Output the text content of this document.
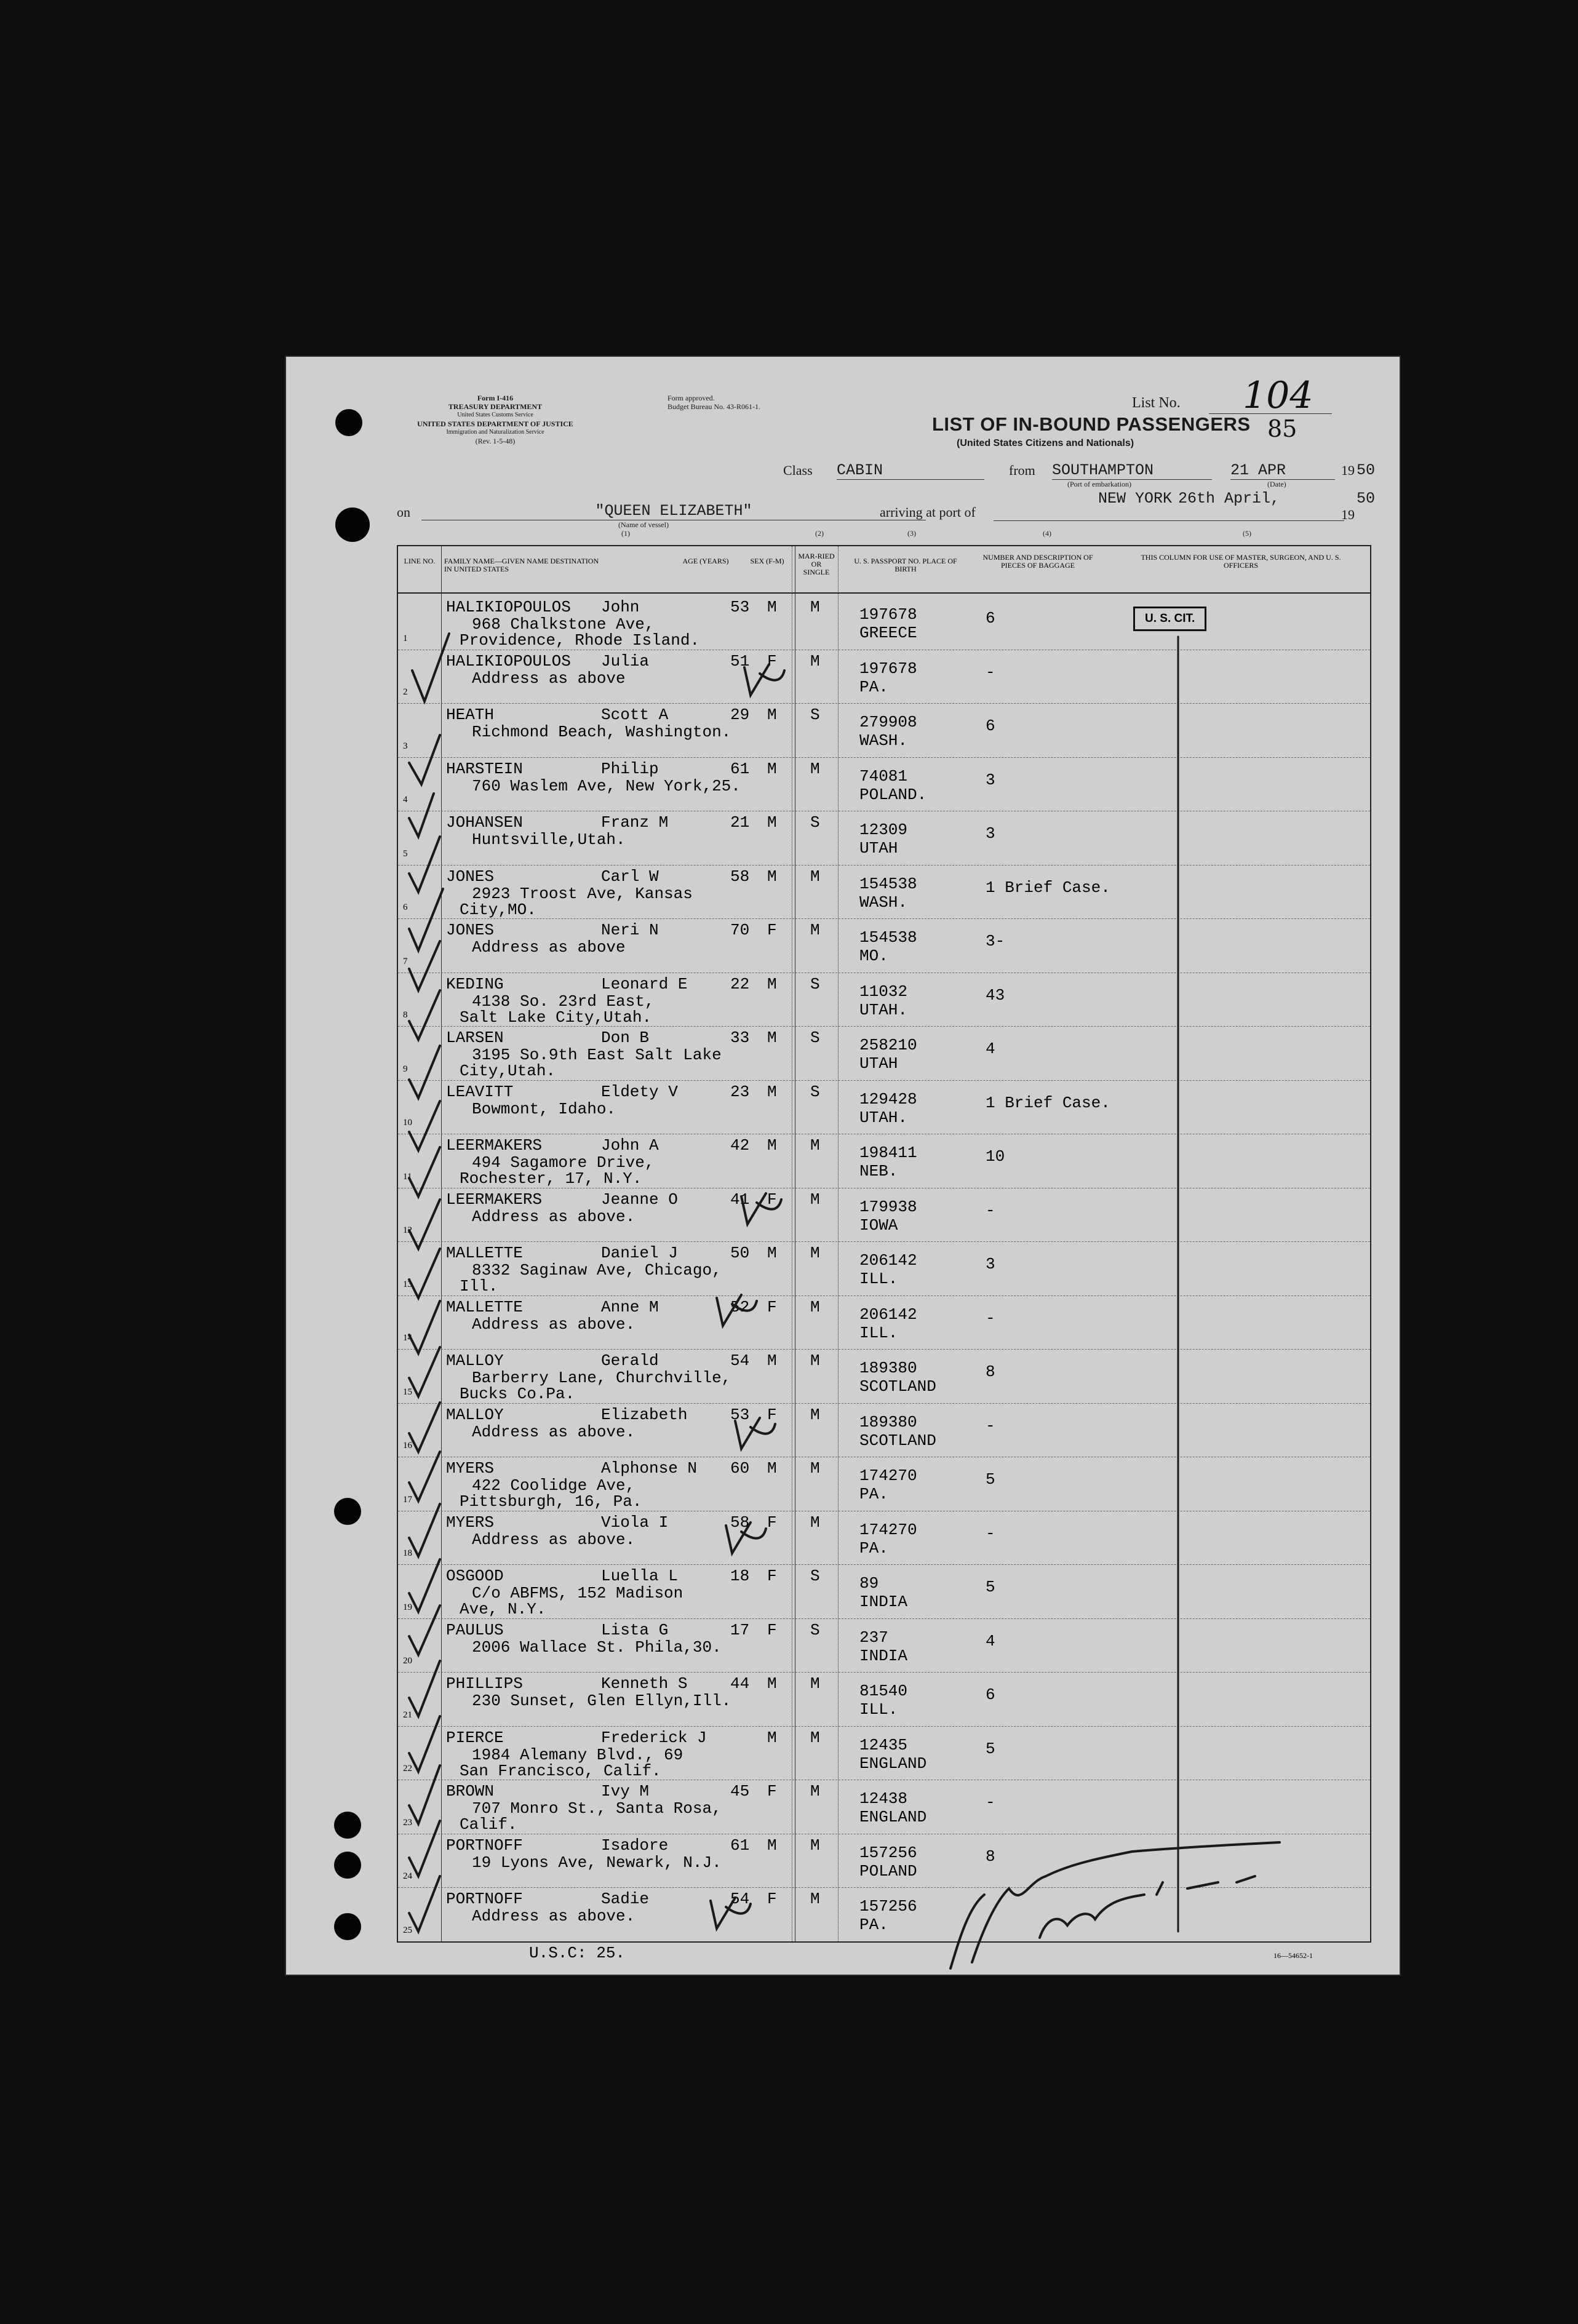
Form I-416
TREASURY DEPARTMENT
United States Customs Service
UNITED STATES DEPARTMENT OF JUSTICE
Immigration and Naturalization Service
(Rev. 1-5-48)
Form approved.
Budget Bureau No. 43-R061-1.	List No. 104
85
LIST OF IN-BOUND PASSENGERS
(United States Citizens and Nationals)
Class CABIN	from SOUTHAMPTON
(Port of embarkation)
21 APR
(Date)
19 50
on	"QUEEN ELIZABETH"
(Name of vessel)
arriving at port of
NEW YORK 26th April,
19
50
(1)	(2)	(3)	(4)	(5)
LINE NO.	FAMILY NAME—GIVEN NAME DESTINATION IN UNITED STATES
AGE (YEARS)	SEX (F-M)
MAR-RIED OR SINGLE
U. S. PASSPORT NO. PLACE OF BIRTH
NUMBER AND DESCRIPTION OF PIECES OF BAGGAGE
THIS COLUMN FOR USE OF MASTER, SURGEON, AND U. S. OFFICERS
1
HALIKIOPOULOS John	53 M M
968 Chalkstone Ave,
Providence, Rhode Island.
197678
GREECE
6
2
HALIKIOPOULOS Julia	51 F M
Address as above
197678
PA.
-
3
HEATH	Scott A	29 M S
Richmond Beach, Washington.
279908
WASH.
6
4
HARSTEIN	Philip	61 M M
760 Waslem Ave, New York,25.
74081
POLAND.
3
5
JOHANSEN	Franz M	21 M S
Huntsville,Utah.
12309
UTAH
3
6
JONES	Carl W	58 M M
2923 Troost Ave, Kansas
City,MO.
154538
WASH.
1 Brief Case.
7
JONES	Neri N	70 F M
Address as above
154538
MO.
3-
8
KEDING	Leonard E	22 M S
4138 So. 23rd East,
Salt Lake City,Utah.
11032
UTAH.
43
9
LARSEN	Don B	33 M S
3195 So.9th East Salt Lake
City,Utah.
258210
UTAH
4
10
LEAVITT	Eldety V	23 M S
Bowmont, Idaho.
129428
UTAH.
1 Brief Case.
11
LEERMAKERS	John A	42 M M
494 Sagamore Drive,
Rochester, 17, N.Y.
198411
NEB.
10
12
LEERMAKERS	Jeanne O	41 F M
Address as above.
179938
IOWA
-
13
MALLETTE	Daniel J	50 M M
8332 Saginaw Ave, Chicago,
Ill.
206142
ILL.
3
14
MALLETTE	Anne M	52 F M
Address as above.
206142
ILL.
-
15
MALLOY	Gerald	54 M M
Barberry Lane, Churchville,
Bucks Co.Pa.
189380
SCOTLAND
8
16
MALLOY	Elizabeth	53 F M
Address as above.
189380
SCOTLAND
-
17
MYERS	Alphonse N 60 M M
422 Coolidge Ave,
Pittsburgh, 16, Pa.
174270
PA.
5
18
MYERS	Viola I	58 F M
Address as above.
174270
PA.
-
19
OSGOOD	Luella L	18 F S
C/o ABFMS, 152 Madison
Ave, N.Y.
89
INDIA
5
20
PAULUS	Lista G	17 F S
2006 Wallace St. Phila,30.
237
INDIA
4
21
PHILLIPS	Kenneth S	44 M M
230 Sunset, Glen Ellyn,Ill.
81540
ILL.
6
22
PIERCE	Frederick J	M M
1984 Alemany Blvd., 69
San Francisco, Calif.
12435
ENGLAND
5
23
BROWN	Ivy M	45 F M
707 Monro St., Santa Rosa,
Calif.
12438
ENGLAND
-
24
PORTNOFF	Isadore	61 M M
19 Lyons Ave, Newark, N.J.
157256
POLAND
8
25
PORTNOFF	Sadie	54 F M
Address as above.
157256
PA.
U. S. CIT.
U.S.C: 25.	16—54652-1
